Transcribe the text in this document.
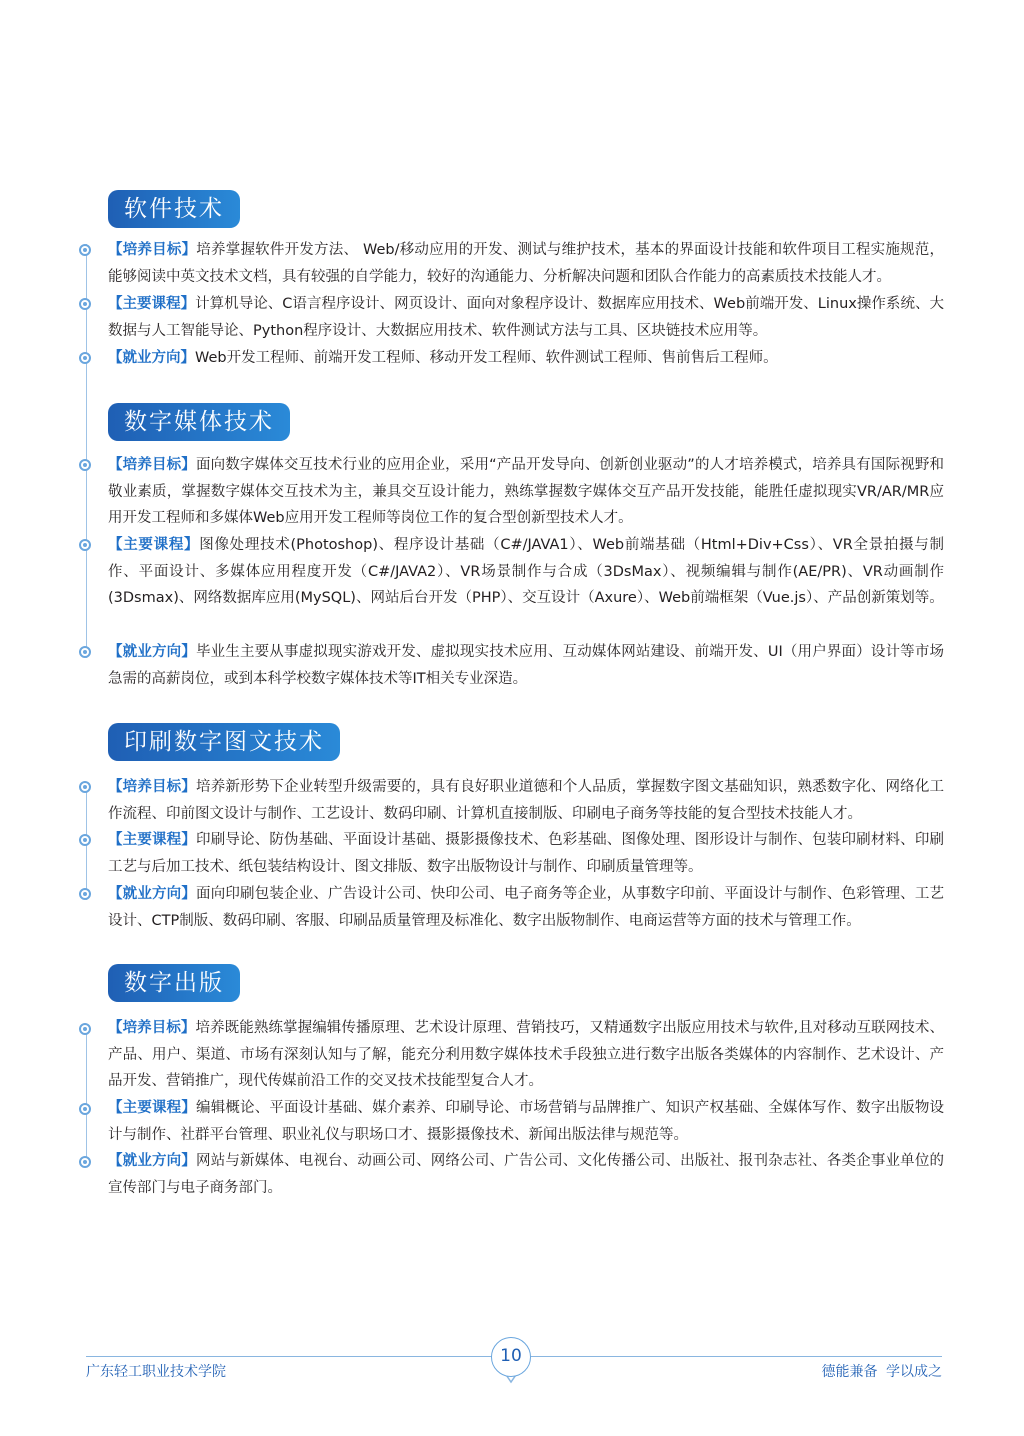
软件技术
【培养目标】培养掌握软件开发方法、 Web/移动应用的开发、测试与维护技术，基本的界面设计技能和软件项目工程实施规范，能够阅读中英文技术文档，具有较强的自学能力，较好的沟通能力、分析解决问题和团队合作能力的高素质技术技能人才。
【主要课程】计算机导论、C语言程序设计、网页设计、面向对象程序设计、数据库应用技术、Web前端开发、Linux操作系统、大数据与人工智能导论、Python程序设计、大数据应用技术、软件测试方法与工具、区块链技术应用等。
【就业方向】Web开发工程师、前端开发工程师、移动开发工程师、软件测试工程师、售前售后工程师。
数字媒体技术
【培养目标】面向数字媒体交互技术行业的应用企业，采用“产品开发导向、创新创业驱动”的人才培养模式，培养具有国际视野和敬业素质，掌握数字媒体交互技术为主，兼具交互设计能力，熟练掌握数字媒体交互产品开发技能，能胜任虚拟现实VR/AR/MR应用开发工程师和多媒体Web应用开发工程师等岗位工作的复合型创新型技术人才。
【主要课程】图像处理技术(Photoshop)、程序设计基础（C#/JAVA1）、Web前端基础（Html+Div+Css）、VR全景拍摄与制作、平面设计、多媒体应用程度开发（C#/JAVA2）、VR场景制作与合成（3DsMax）、视频编辑与制作(AE/PR)、VR动画制作(3Dsmax)、网络数据库应用(MySQL)、网站后台开发（PHP）、交互设计（Axure）、Web前端框架（Vue.js）、产品创新策划等。
【就业方向】毕业生主要从事虚拟现实游戏开发、虚拟现实技术应用、互动媒体网站建设、前端开发、UI（用户界面）设计等市场急需的高薪岗位，或到本科学校数字媒体技术等IT相关专业深造。
印刷数字图文技术
【培养目标】培养新形势下企业转型升级需要的，具有良好职业道德和个人品质，掌握数字图文基础知识，熟悉数字化、网络化工作流程、印前图文设计与制作、工艺设计、数码印刷、计算机直接制版、印刷电子商务等技能的复合型技术技能人才。
【主要课程】印刷导论、防伪基础、平面设计基础、摄影摄像技术、色彩基础、图像处理、图形设计与制作、包装印刷材料、印刷工艺与后加工技术、纸包装结构设计、图文排版、数字出版物设计与制作、印刷质量管理等。
【就业方向】面向印刷包装企业、广告设计公司、快印公司、电子商务等企业，从事数字印前、平面设计与制作、色彩管理、工艺设计、CTP制版、数码印刷、客服、印刷品质量管理及标准化、数字出版物制作、电商运营等方面的技术与管理工作。
数字出版
【培养目标】培养既能熟练掌握编辑传播原理、艺术设计原理、营销技巧，又精通数字出版应用技术与软件,且对移动互联网技术、产品、用户、渠道、市场有深刻认知与了解，能充分利用数字媒体技术手段独立进行数字出版各类媒体的内容制作、艺术设计、产品开发、营销推广，现代传媒前沿工作的交叉技术技能型复合人才。
【主要课程】编辑概论、平面设计基础、媒介素养、印刷导论、市场营销与品牌推广、知识产权基础、全媒体写作、数字出版物设计与制作、社群平台管理、职业礼仪与职场口才、摄影摄像技术、新闻出版法律与规范等。
【就业方向】网站与新媒体、电视台、动画公司、网络公司、广告公司、文化传播公司、出版社、报刊杂志社、各类企事业单位的宣传部门与电子商务部门。
10
广东轻工职业技术学院	德能兼备 学以成之
